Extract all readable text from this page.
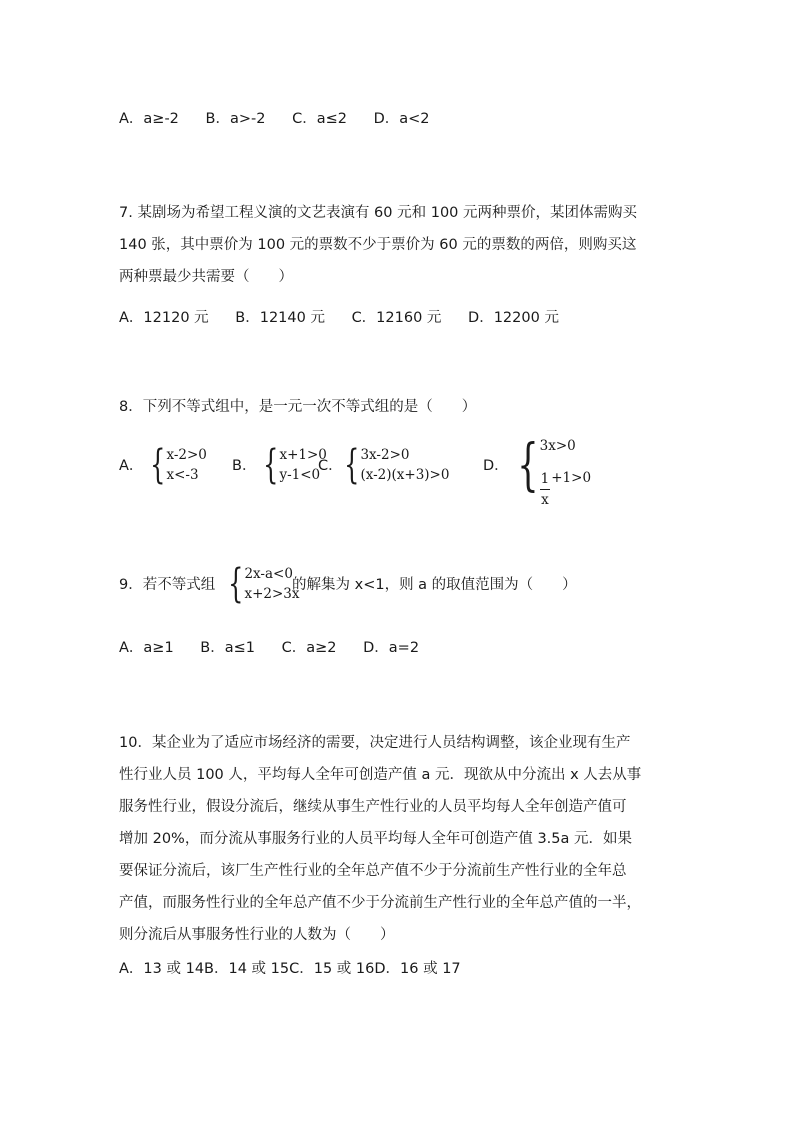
A．a≥-2 B．a>-2 C．a≤2 D．a<2
7. 某剧场为希望工程义演的文艺表演有 60 元和 100 元两种票价，某团体需购买
140 张，其中票价为 100 元的票数不少于票价为 60 元的票数的两倍，则购买这
两种票最少共需要（　　）
A．12120 元 B．12140 元 C．12160 元 D．12200 元
8．下列不等式组中，是一元一次不等式组的是（　　）
A． { x-2>0
x<-3
B． { x+1>0
y-1<0
C． { 3x-2>0
(x-2)(x+3)>0
D． { 3x>0
$\frac{1}{x} +1>0$
9．若不等式组 { 2x-a<0
x+2>3x
的解集为 x<1，则 a 的取值范围为（　　）
A．a≥1 B．a≤1 C．a≥2 D．a=2
10．某企业为了适应市场经济的需要，决定进行人员结构调整，该企业现有生产
性行业人员 100 人，平均每人全年可创造产值 a 元．现欲从中分流出 x 人去从事
服务性行业，假设分流后，继续从事生产性行业的人员平均每人全年创造产值可
增加 20%，而分流从事服务行业的人员平均每人全年可创造产值 3.5a 元．如果
要保证分流后，该厂生产性行业的全年总产值不少于分流前生产性行业的全年总
产值，而服务性行业的全年总产值不少于分流前生产性行业的全年总产值的一半，
则分流后从事服务性行业的人数为（　　）
A．13 或 14B．14 或 15C．15 或 16D．16 或 17
